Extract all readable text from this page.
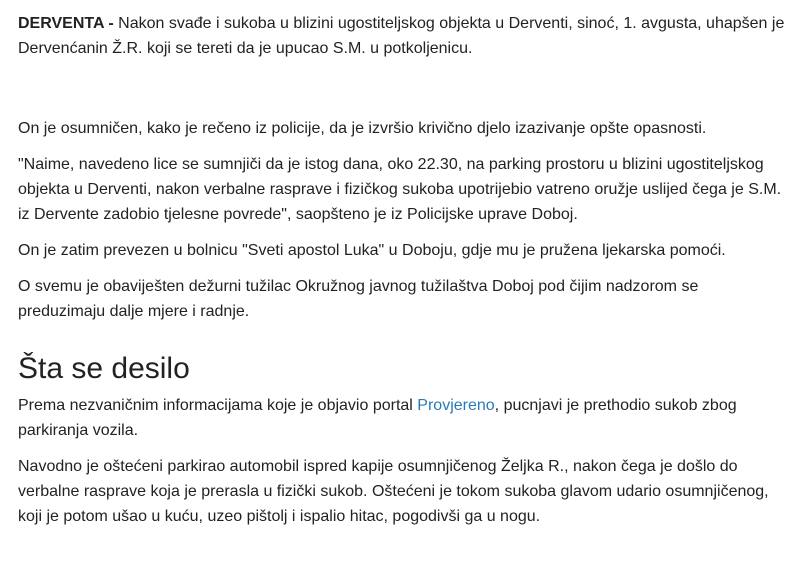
DERVENTA - Nakon svađe i sukoba u blizini ugostiteljskog objekta u Derventi, sinoć, 1. avgusta, uhapšen je Dervenćanin Ž.R. koji se tereti da je upucao S.M. u potkoljenicu.

On je osumničen, kako je rečeno iz policije, da je izvršio krivično djelo izazivanje opšte opasnosti.

"Naime, navedeno lice se sumnjiči da je istog dana, oko 22.30, na parking prostoru u blizini ugostiteljskog objekta u Derventi, nakon verbalne rasprave i fizičkog sukoba upotrijebio vatreno oružje uslijed čega je S.M. iz Dervente zadobio tjelesne povrede", saopšteno je iz Policijske uprave Doboj.

On je zatim prevezen u bolnicu "Sveti apostol Luka" u Doboju, gdje mu je pružena ljekarska pomoći.

O svemu je obaviješten dežurni tužilac Okružnog javnog tužilaštva Doboj pod čijim nadzorom se preduzimaju dalje mjere i radnje.

Šta se desilo

Prema nezvaničnim informacijama koje je objavio portal Provjereno, pucnjavi je prethodio sukob zbog parkiranja vozila.

Navodno je oštećeni parkirao automobil ispred kapije osumnjičenog Željka R., nakon čega je došlo do verbalne rasprave koja je prerasla u fizički sukob. Oštećeni je tokom sukoba glavom udario osumnjičenog, koji je potom ušao u kuću, uzeo pištolj i ispalio hitac, pogodivši ga u nogu.
